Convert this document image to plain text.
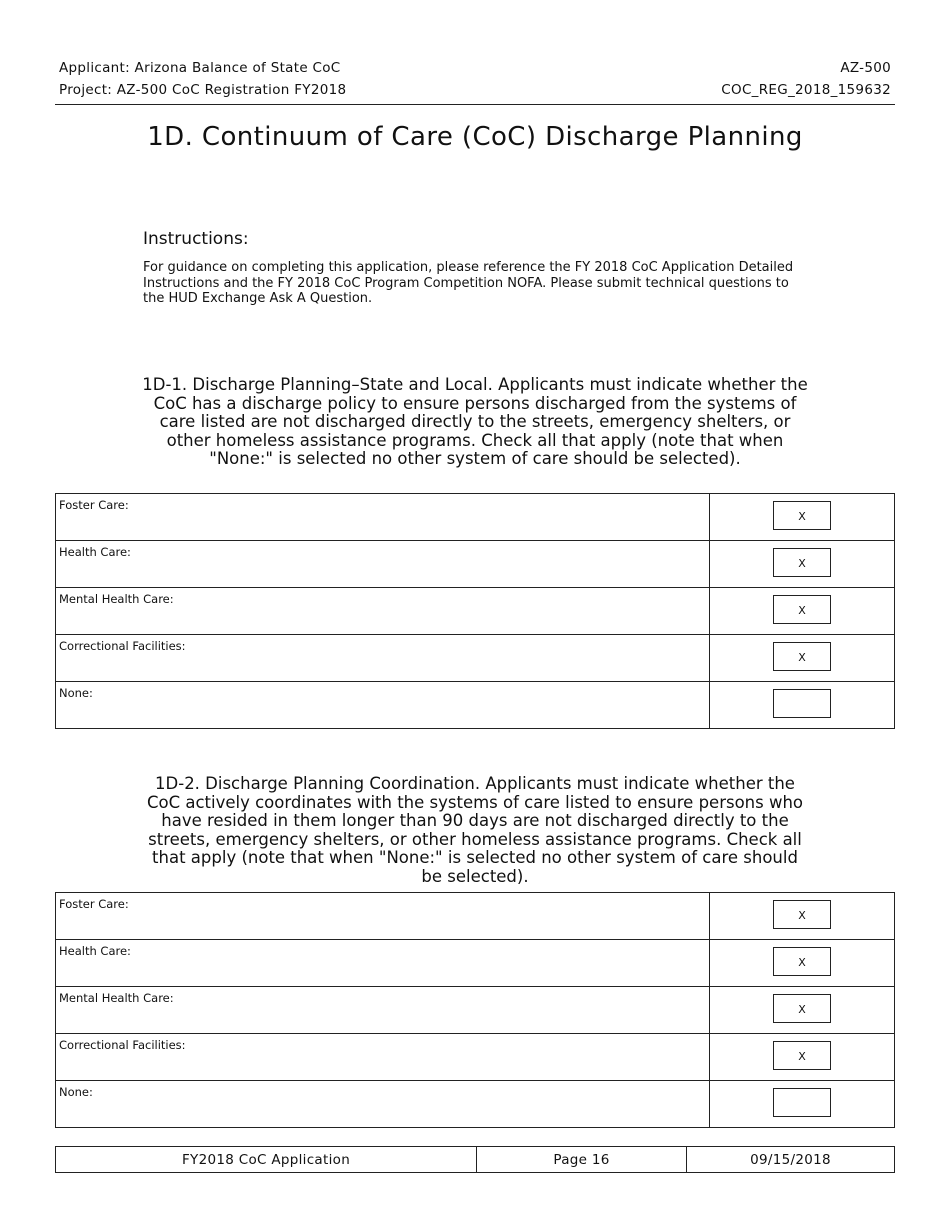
Applicant: Arizona Balance of State CoC
Project: AZ-500 CoC Registration FY2018
AZ-500
COC_REG_2018_159632
1D. Continuum of Care (CoC) Discharge Planning
Instructions:
For guidance on completing this application, please reference the FY 2018 CoC Application Detailed Instructions and the FY 2018 CoC Program Competition NOFA. Please submit technical questions to the HUD Exchange Ask A Question.
1D-1. Discharge Planning–State and Local. Applicants must indicate whether the CoC has a discharge policy to ensure persons discharged from the systems of care listed are not discharged directly to the streets, emergency shelters, or other homeless assistance programs. Check all that apply (note that when "None:" is selected no other system of care should be selected).
Foster Care:	X

Health Care:	X

Mental Health Care:	X

Correctional Facilities:	X

None:	
1D-2. Discharge Planning Coordination. Applicants must indicate whether the CoC actively coordinates with the systems of care listed to ensure persons who have resided in them longer than 90 days are not discharged directly to the streets, emergency shelters, or other homeless assistance programs. Check all that apply (note that when "None:" is selected no other system of care should be selected).
Foster Care:	X

Health Care:	X

Mental Health Care:	X

Correctional Facilities:	X

None:	
FY2018 CoC Application	Page 16	09/15/2018
